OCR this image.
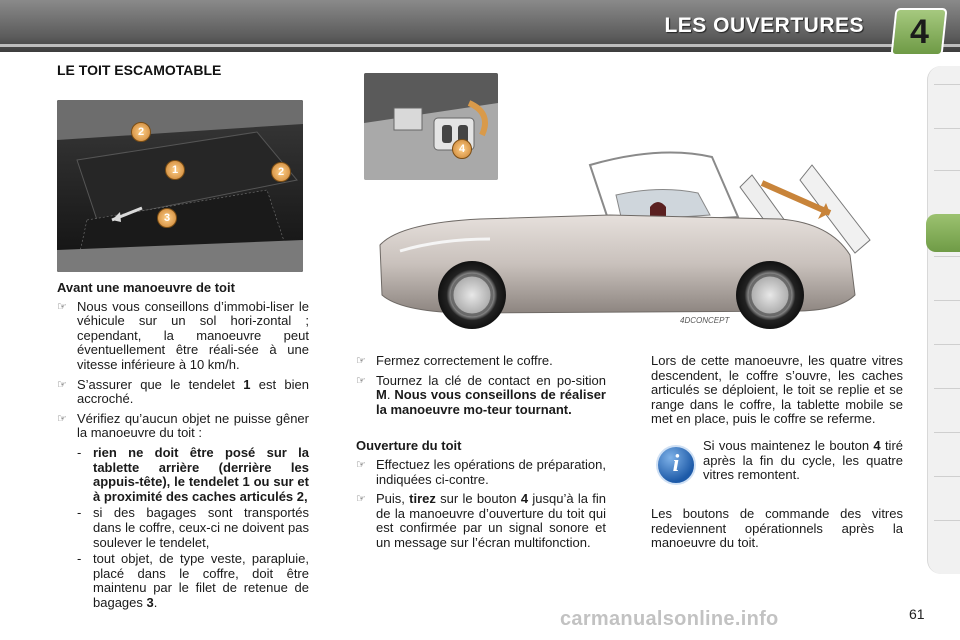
LES OUVERTURES 4
LE TOIT ESCAMOTABLE
2
1	2
3
4DCONCEPT
4
Avant une manoeuvre de toit
☞ Nous vous conseillons d’immobi-liser le véhicule sur un sol hori-zontal ; cependant, la manoeuvre peut éventuellement être réali-sée à une vitesse inférieure à 10 km/h.
☞ S’assurer que le tendelet 1 est bien accroché.
☞ Vérifiez qu’aucun objet ne puisse gêner la manoeuvre du toit :
- rien ne doit être posé sur la tablette arrière (derrière les appuis-tête), le tendelet 1 ou sur et à proximité des caches articulés 2,
- si des bagages sont transportés dans le coffre, ceux-ci ne doivent pas soulever le tendelet,
- tout objet, de type veste, parapluie, placé dans le coffre, doit être maintenu par le filet de retenue de bagages 3.
☞ Fermez correctement le coffre.
☞ Tournez la clé de contact en po-sition M. Nous vous conseillons de réaliser la manoeuvre mo-teur tournant.
Ouverture du toit
☞ Effectuez les opérations de préparation, indiquées ci-contre.
☞ Puis, tirez sur le bouton 4 jusqu’à la fin de la manoeuvre d’ouverture du toit qui est confirmée par un signal sonore et un message sur l’écran multifonction.
Lors de cette manoeuvre, les quatre vitres descendent, le coffre s’ouvre, les caches articulés se déploient, le toit se replie et se range dans le coffre, la tablette mobile se met en place, puis le coffre se referme.
i
Si vous maintenez le bouton 4 tiré après la fin du cycle, les quatre vitres remontent.
Les boutons de commande des vitres redeviennent opérationnels après la manoeuvre du toit.
carmanualsonline.info	61
